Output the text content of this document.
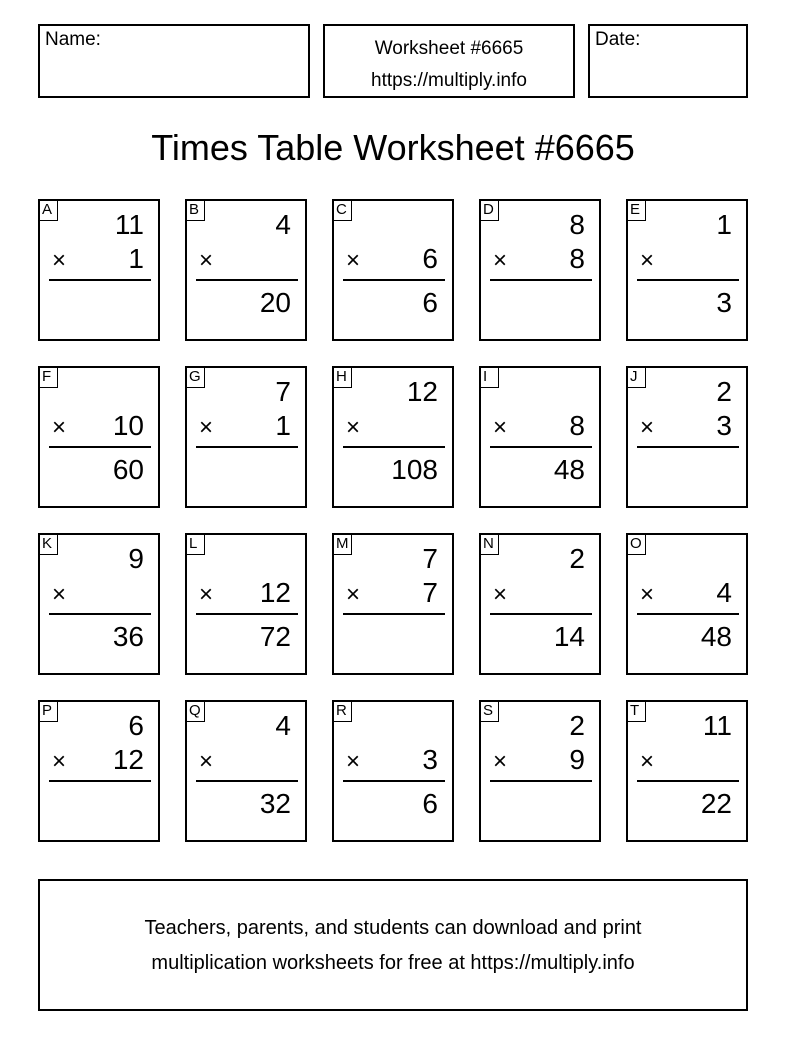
Name:	Worksheet #6665
https://multiply.info
Date:
Times Table Worksheet #6665
A 11
× 1
B	4
×
20
C
× 6
6
D	8
× 8
E	1
×
3
F
× 10
60
G	7
× 1
H 12
×
108
I
× 8
48
J	2
× 3
K	9
×
36
L
× 12
72
M	7
× 7
N	2
×
14
O
× 4
48
P	6
× 12
Q	4
×
32
R
× 3
6
S	2
× 9
T 11
×
22
Teachers, parents, and students can download and print
multiplication worksheets for free at https://multiply.info
